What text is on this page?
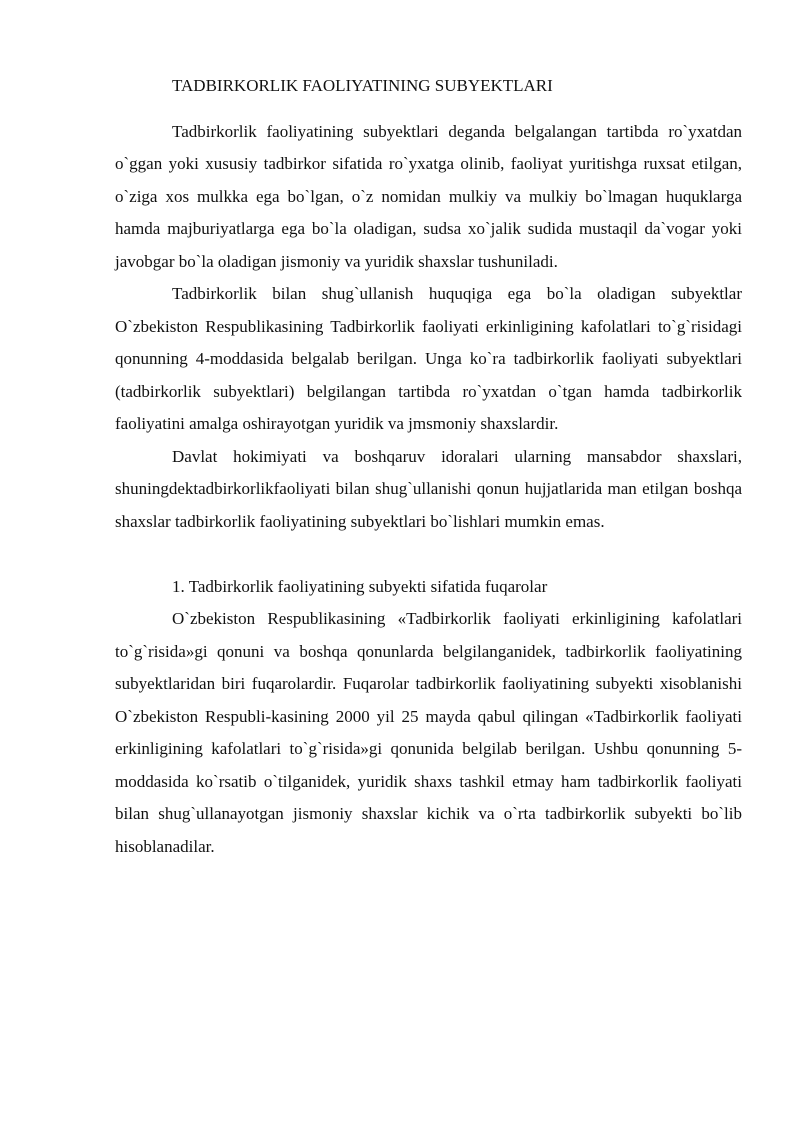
TADBIRKORLIK FAOLIYATINING SUBYEKTLARI

Tadbirkorlik faoliyatining subyektlari deganda belgalangan tartibda ro`yxatdan o`ggan yoki xususiy tadbirkor sifatida ro`yxatga olinib, faoliyat yuritishga ruxsat etilgan, o`ziga xos mulkka ega bo`lgan, o`z nomidan mulkiy va mulkiy bo`lmagan huquklarga hamda majburiyatlarga ega bo`la oladigan, sudsa xo`jalik sudida mustaqil da`vogar yoki javobgar bo`la oladigan jismoniy va yuridik shaxslar tushuniladi.

Tadbirkorlik bilan shug`ullanish huquqiga ega bo`la oladigan subyektlar O`zbekiston Respublikasining Tadbirkorlik faoliyati erkinligining kafolatlari to`g`risidagi qonunning 4-moddasida belgalab berilgan. Unga ko`ra tadbirkorlik faoliyati subyektlari (tadbirkorlik subyektlari) belgilangan tartibda ro`yxatdan o`tgan hamda tadbirkorlik faoliyatini amalga oshirayotgan yuridik va jmsmoniy shaxslardir.

Davlat hokimiyati va boshqaruv idoralari ularning mansabdor shaxslari, shuningdektadbirkorlikfaoliyati bilan shug`ullanishi qonun hujjatlarida man etilgan boshqa shaxslar tadbirkorlik faoliyatining subyektlari bo`lishlari mumkin emas.

1. Tadbirkorlik faoliyatining subyekti sifatida fuqarolar

O`zbekiston Respublikasining «Tadbirkorlik faoliyati erkinligining kafolatlari to`g`risida»gi qonuni va boshqa qonunlarda belgilanganidek, tadbirkorlik faoliyatining subyektlaridan biri fuqarolardir. Fuqarolar tadbirkorlik faoliyatining subyekti xisoblanishi O`zbekiston Respubli-kasining 2000 yil 25 mayda qabul qilingan «Tadbirkorlik faoliyati erkinligining kafolatlari to`g`risida»gi qonunida belgilab berilgan. Ushbu qonunning 5-moddasida ko`rsatib o`tilganidek, yuridik shaxs tashkil etmay ham tadbirkorlik faoliyati bilan shug`ullanayotgan jismoniy shaxslar kichik va o`rta tadbirkorlik subyekti bo`lib hisoblanadilar.
